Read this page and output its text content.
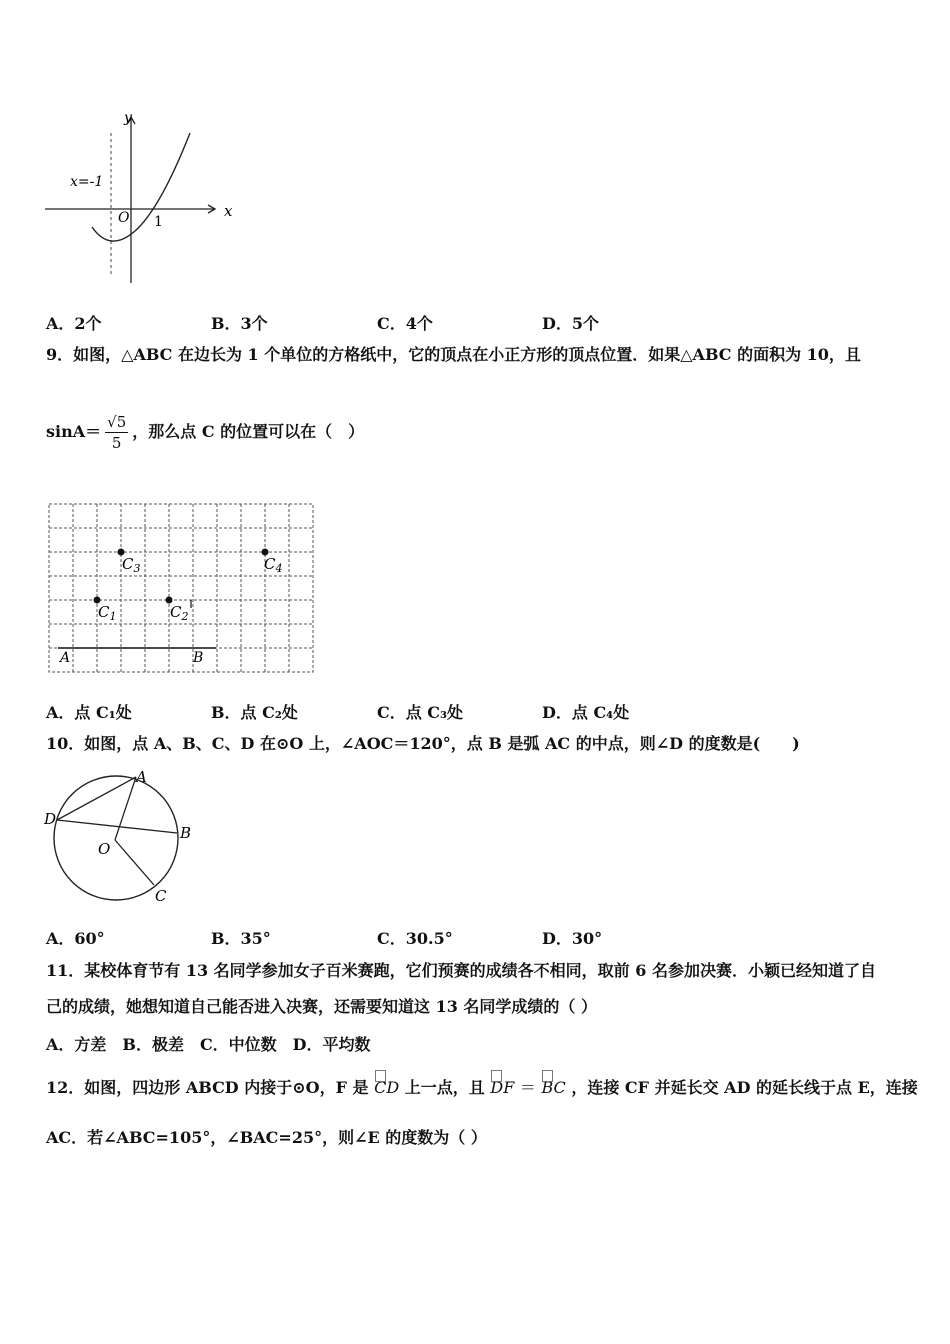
x
y
O 1
x=-1
A．2个	B．3个	C．4个	D．5个
9．如图，△ABC 在边长为 1 个单位的方格纸中，它的顶点在小正方形的顶点位置．如果△ABC 的面积为 10，且
$\sin A= \frac{√5}{5}$ ，那么点 C 的位置可以在（　）
$C_1$	$C_2$
$C_3$	$C_4$
A	B
A．点 C₁处	B．点 C₂处	C．点 C₃处	D．点 C₄处
10．如图，点 A、B、C、D 在⊙O 上，∠AOC＝120°，点 B 是弧 AC 的中点，则∠D 的度数是(　　)
A
B
C
D
O
A．60°	B．35°	C．30.5°	D．30°
11．某校体育节有 13 名同学参加女子百米赛跑，它们预赛的成绩各不相同，取前 6 名参加决赛．小颖已经知道了自
己的成绩，她想知道自己能否进入决赛，还需要知道这 13 名同学成绩的（ ）
A．方差　B．极差　C．中位数　D．平均数
12．如图，四边形 ABCD 内接于⊙O，F 是 CD 上一点，且 DF ＝ BC ，连接 CF 并延长交 AD 的延长线于点 E，连接
AC．若∠ABC=105°，∠BAC=25°，则∠E 的度数为（ ）
